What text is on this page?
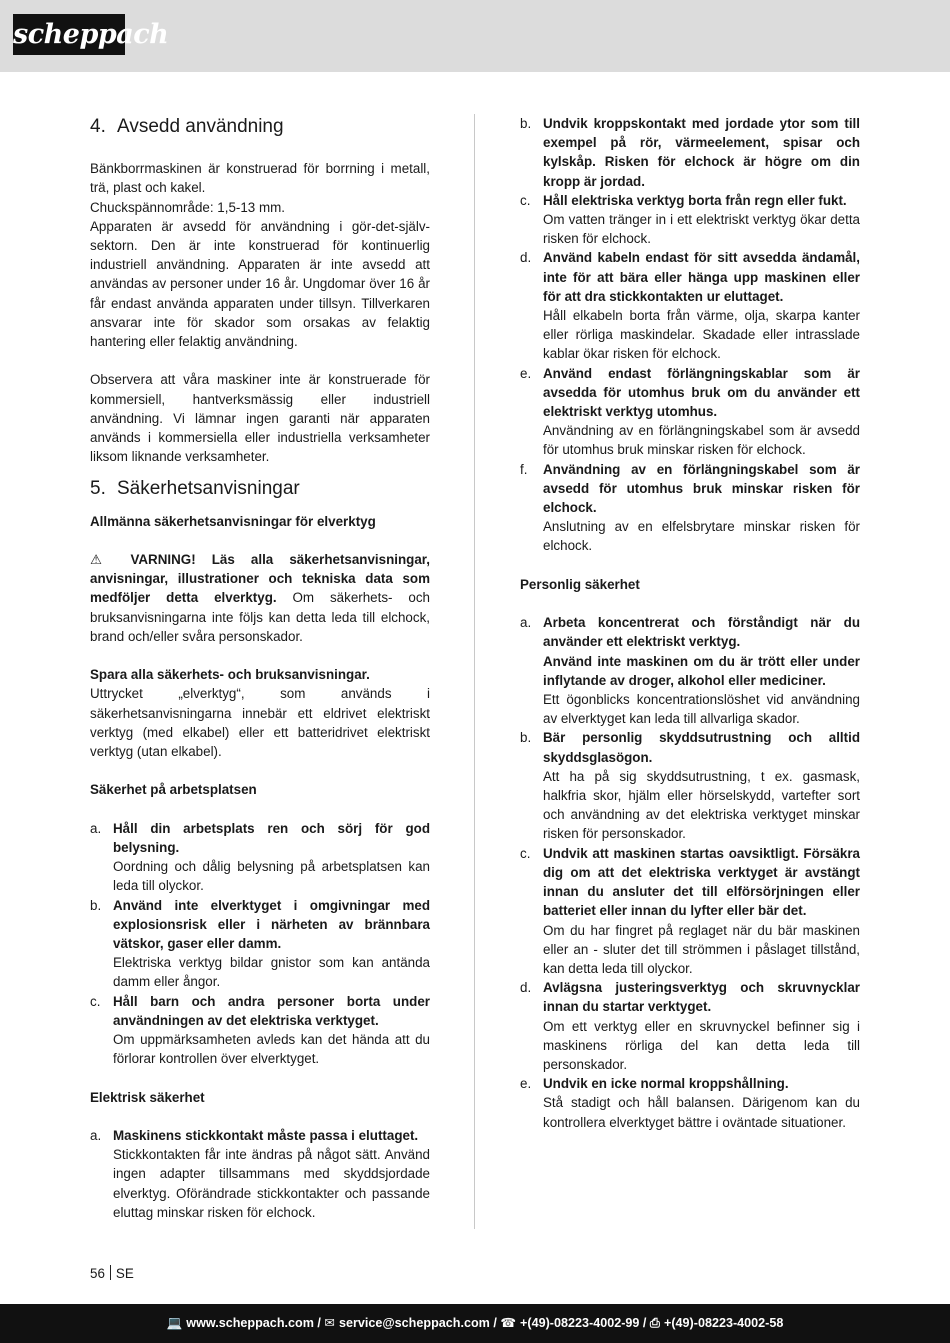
scheppach
4. Avsedd användning

Bänkborrmaskinen är konstruerad för borrning i metall, trä, plast och kakel.

Chuckspännområde: 1,5-13 mm.

Apparaten är avsedd för användning i gör-det-själv-sektorn. Den är inte konstruerad för kontinuerlig industriell användning. Apparaten är inte avsedd att användas av personer under 16 år. Ungdomar över 16 år får endast använda apparaten under tillsyn. Tillverkaren ansvarar inte för skador som orsakas av felaktig hantering eller felaktig användning.

Observera att våra maskiner inte är konstruerade för kommersiell, hantverksmässig eller industriell användning. Vi lämnar ingen garanti när apparaten används i kommersiella eller industriella verksamheter liksom liknande verksamheter.

5. Säkerhetsanvisningar

Allmänna säkerhetsanvisningar för elverktyg

⚠ VARNING! Läs alla säkerhetsanvisningar, anvisningar, illustrationer och tekniska data som medföljer detta elverktyg. Om säkerhets- och bruksanvisningarna inte följs kan detta leda till elchock, brand och/eller svåra personskador.

Spara alla säkerhets- och bruksanvisningar.

Uttrycket „elverktyg“, som används i säkerhetsanvisningarna innebär ett eldrivet elektriskt verktyg (med elkabel) eller ett batteridrivet elektriskt verktyg (utan elkabel).

Säkerhet på arbetsplatsen

a. Håll din arbetsplats ren och sörj för god belysning.

Oordning och dålig belysning på arbetsplatsen kan leda till olyckor.

b. Använd inte elverktyget i omgivningar med explosionsrisk eller i närheten av brännbara vätskor, gaser eller damm.

Elektriska verktyg bildar gnistor som kan antända damm eller ångor.

c. Håll barn och andra personer borta under användningen av det elektriska verktyget.

Om uppmärksamheten avleds kan det hända att du förlorar kontrollen över elverktyget.

Elektrisk säkerhet

a. Maskinens stickkontakt måste passa i eluttaget.

Stickkontakten får inte ändras på något sätt. Använd ingen adapter tillsammans med skyddsjordade elverktyg. Oförändrade stickkontakter och passande eluttag minskar risken för elchock.

b. Undvik kroppskontakt med jordade ytor som till exempel på rör, värmeelement, spisar och kylskåp. Risken för elchock är högre om din kropp är jordad.

c. Håll elektriska verktyg borta från regn eller fukt.

Om vatten tränger in i ett elektriskt verktyg ökar detta risken för elchock.

d. Använd kabeln endast för sitt avsedda ändamål, inte för att bära eller hänga upp maskinen eller för att dra stickkontakten ur eluttaget.

Håll elkabeln borta från värme, olja, skarpa kanter eller rörliga maskindelar. Skadade eller intrasslade kablar ökar risken för elchock.

e. Använd endast förlängningskablar som är avsedda för utomhus bruk om du använder ett elektriskt verktyg utomhus.

Användning av en förlängningskabel som är avsedd för utomhus bruk minskar risken för elchock.

f. Användning av en förlängningskabel som är avsedd för utomhus bruk minskar risken för elchock.

Anslutning av en elfelsbrytare minskar risken för elchock.

Personlig säkerhet

a. Arbeta koncentrerat och förståndigt när du använder ett elektriskt verktyg.

Använd inte maskinen om du är trött eller under inflytande av droger, alkohol eller mediciner.

Ett ögonblicks koncentrationslöshet vid användning av elverktyget kan leda till allvarliga skador.

b. Bär personlig skyddsutrustning och alltid skyddsglasögon.

Att ha på sig skyddsutrustning, t ex. gasmask, halkfria skor, hjälm eller hörselskydd, vartefter sort och användning av det elektriska verktyget minskar risken för personskador.

c. Undvik att maskinen startas oavsiktligt. Försäkra dig om att det elektriska verktyget är avstängt innan du ansluter det till elförsörjningen eller batteriet eller innan du lyfter eller bär det.

Om du har fingret på reglaget när du bär maskinen eller an - sluter det till strömmen i påslaget tillstånd, kan detta leda till olyckor.

d. Avlägsna justeringsverktyg och skruvnycklar innan du startar verktyget.

Om ett verktyg eller en skruvnyckel befinner sig i maskinens rörliga del kan detta leda till personskador.

e. Undvik en icke normal kroppshållning.

Stå stadigt och håll balansen. Därigenom kan du kontrollera elverktyget bättre i oväntade situationer.

56 SE
💻 www.scheppach.com / ✉ service@scheppach.com / ☎ +(49)-08223-4002-99 / ⎙ +(49)-08223-4002-58
